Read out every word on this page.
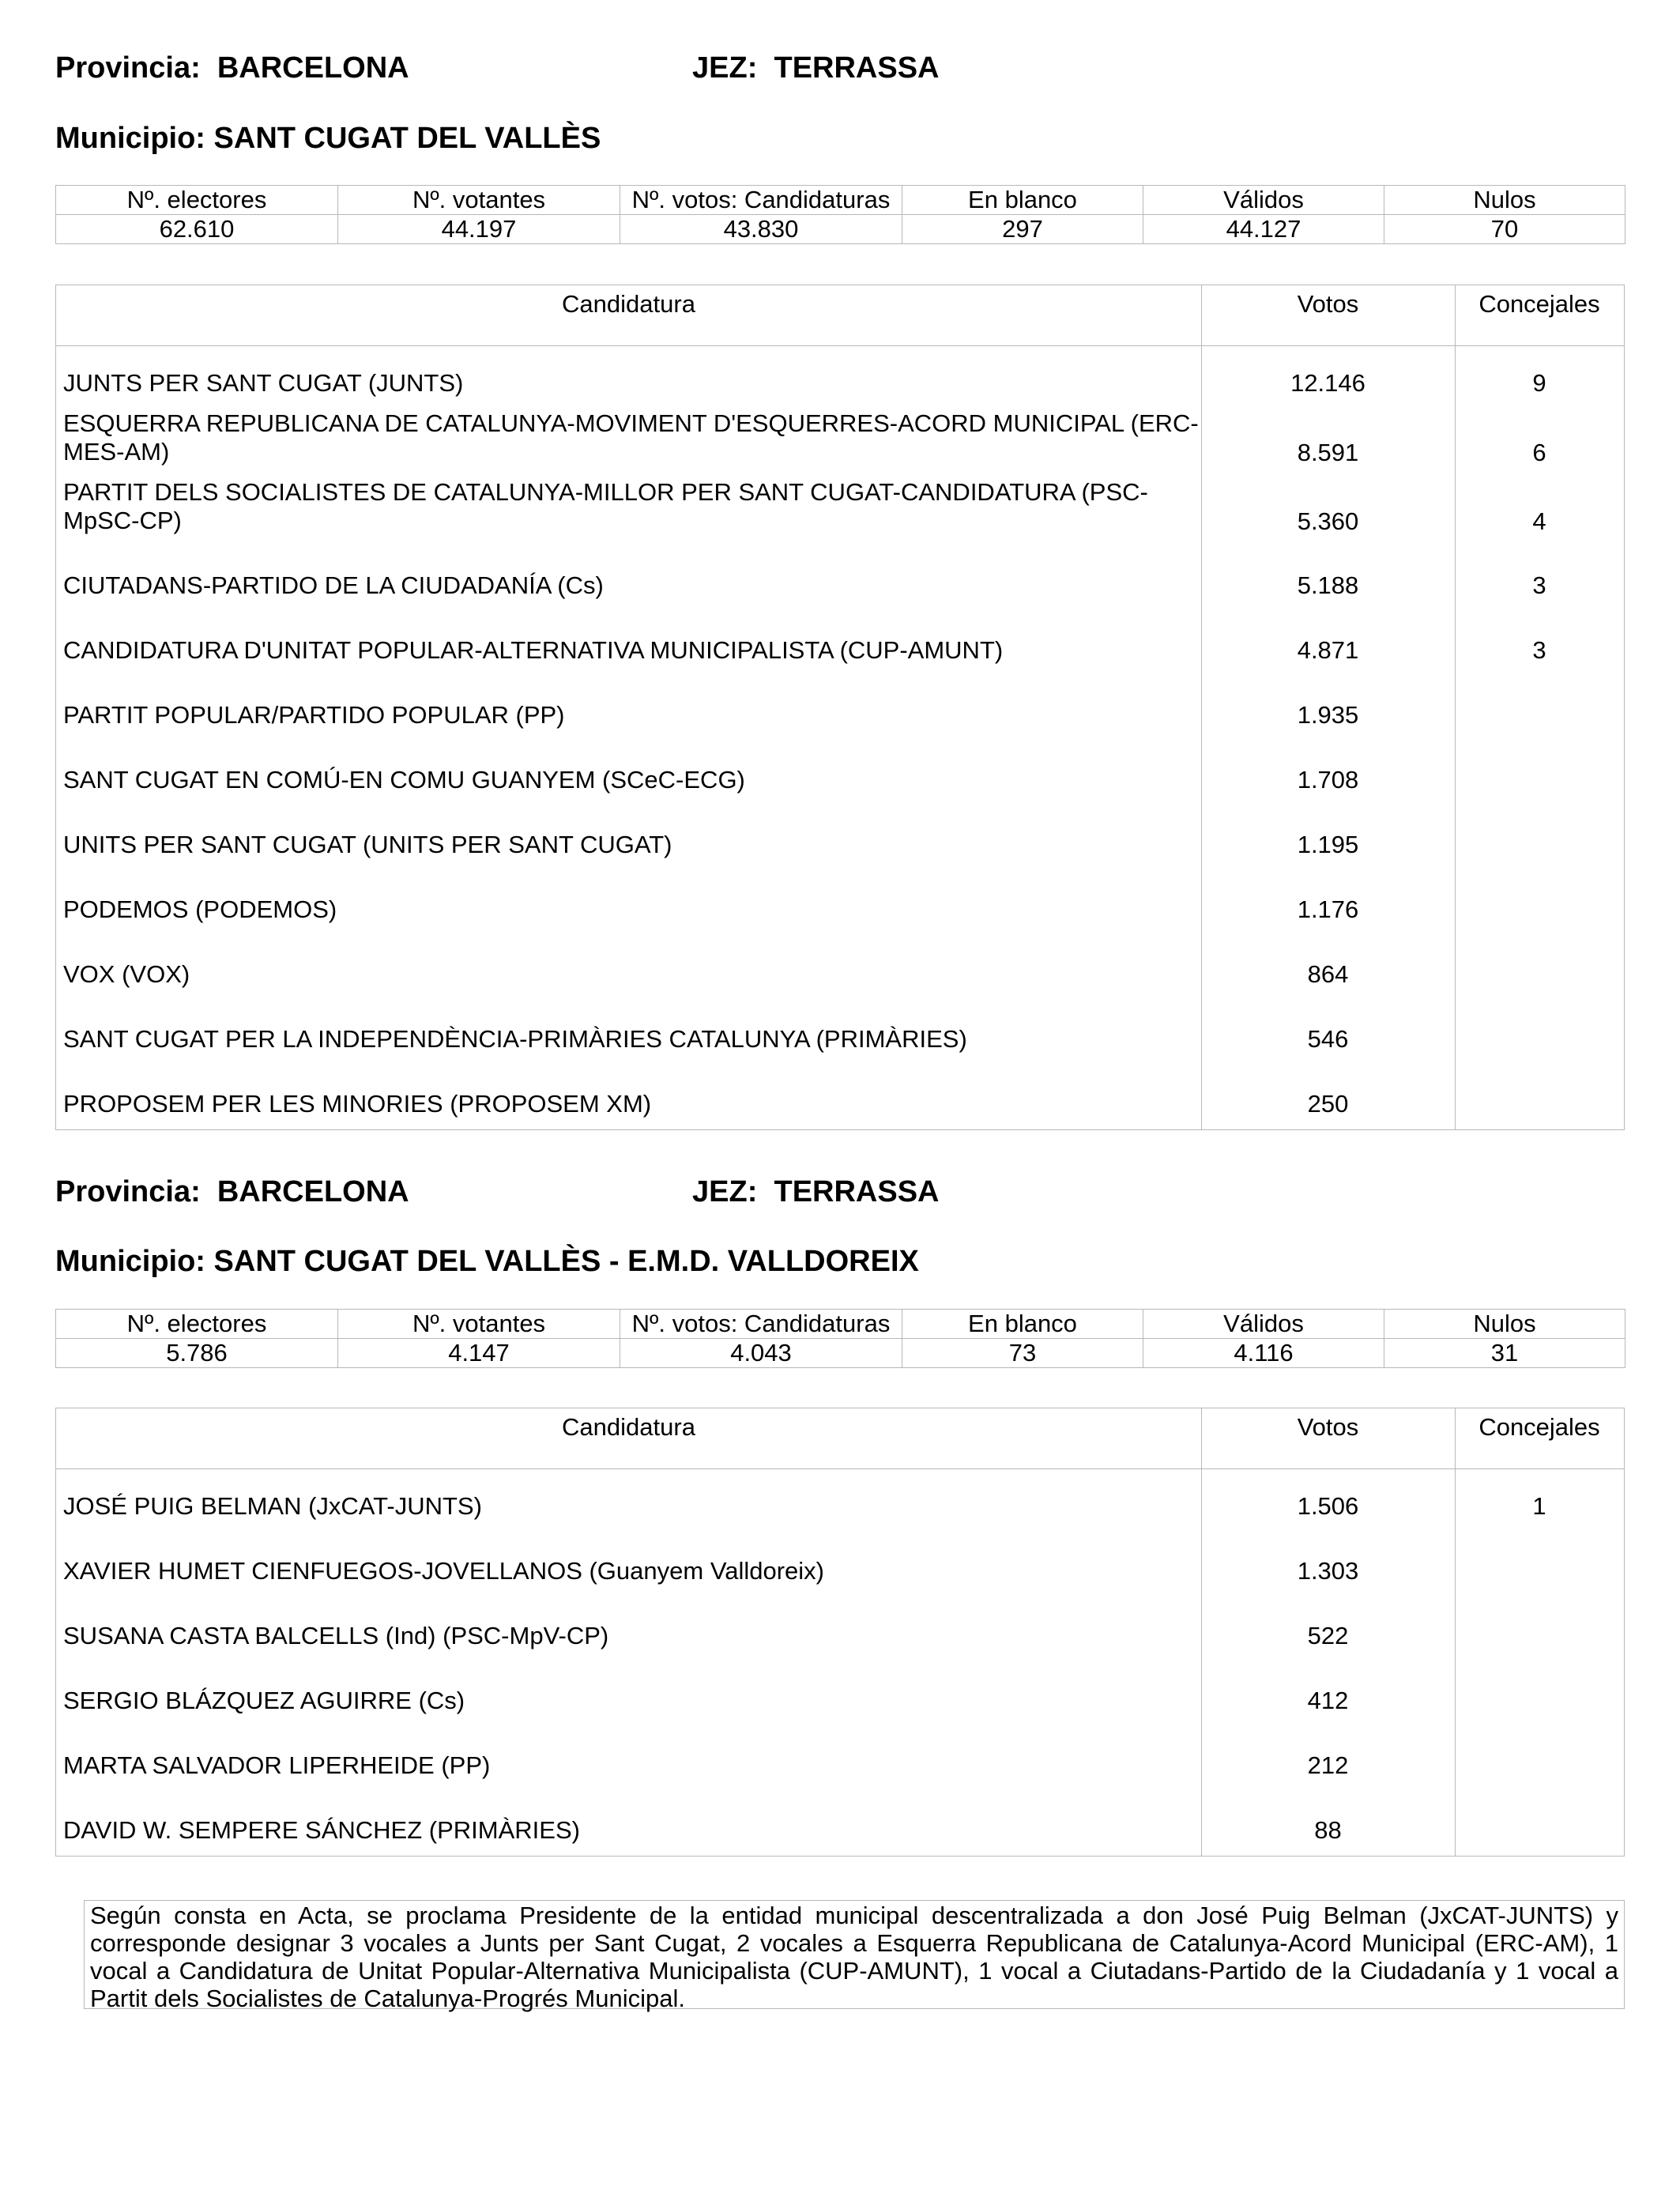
Provincia: BARCELONA	JEZ: TERRASSA
Municipio: SANT CUGAT DEL VALLÈS
Nº. electores	Nº. votantes	Nº. votos: Candidaturas	En blanco	Válidos	Nulos
62.610	44.197	43.830	297	44.127	70
Candidatura	Votos	Concejales
JUNTS PER SANT CUGAT (JUNTS)	12.146	9
ESQUERRA REPUBLICANA DE CATALUNYA-MOVIMENT D'ESQUERRES-ACORD MUNICIPAL (ERC-MES-AM)	8.591	6
PARTIT DELS SOCIALISTES DE CATALUNYA-MILLOR PER SANT CUGAT-CANDIDATURA (PSC-MpSC-CP)	5.360	4
CIUTADANS-PARTIDO DE LA CIUDADANÍA (Cs)	5.188	3
CANDIDATURA D'UNITAT POPULAR-ALTERNATIVA MUNICIPALISTA (CUP-AMUNT)	4.871	3
PARTIT POPULAR/PARTIDO POPULAR (PP)	1.935
SANT CUGAT EN COMÚ-EN COMU GUANYEM (SCeC-ECG)	1.708
UNITS PER SANT CUGAT (UNITS PER SANT CUGAT)	1.195
PODEMOS (PODEMOS)	1.176
VOX (VOX)	864
SANT CUGAT PER LA INDEPENDÈNCIA-PRIMÀRIES CATALUNYA (PRIMÀRIES)	546
PROPOSEM PER LES MINORIES (PROPOSEM XM)	250
Provincia: BARCELONA	JEZ: TERRASSA
Municipio: SANT CUGAT DEL VALLÈS - E.M.D. VALLDOREIX
Nº. electores	Nº. votantes	Nº. votos: Candidaturas	En blanco	Válidos	Nulos
5.786	4.147	4.043	73	4.116	31
Candidatura	Votos	Concejales
JOSÉ PUIG BELMAN (JxCAT-JUNTS)	1.506	1
XAVIER HUMET CIENFUEGOS-JOVELLANOS (Guanyem Valldoreix)	1.303
SUSANA CASTA BALCELLS (Ind) (PSC-MpV-CP)	522
SERGIO BLÁZQUEZ AGUIRRE (Cs)	412
MARTA SALVADOR LIPERHEIDE (PP)	212
DAVID W. SEMPERE SÁNCHEZ (PRIMÀRIES)	88
Según consta en Acta, se proclama Presidente de la entidad municipal descentralizada a don José Puig Belman (JxCAT-JUNTS) y corresponde designar 3 vocales a Junts per Sant Cugat, 2 vocales a Esquerra Republicana de Catalunya-Acord Municipal (ERC-AM), 1 vocal a Candidatura de Unitat Popular-Alternativa Municipalista (CUP-AMUNT), 1 vocal a Ciutadans-Partido de la Ciudadanía y 1 vocal a Partit dels Socialistes de Catalunya-Progrés Municipal.
